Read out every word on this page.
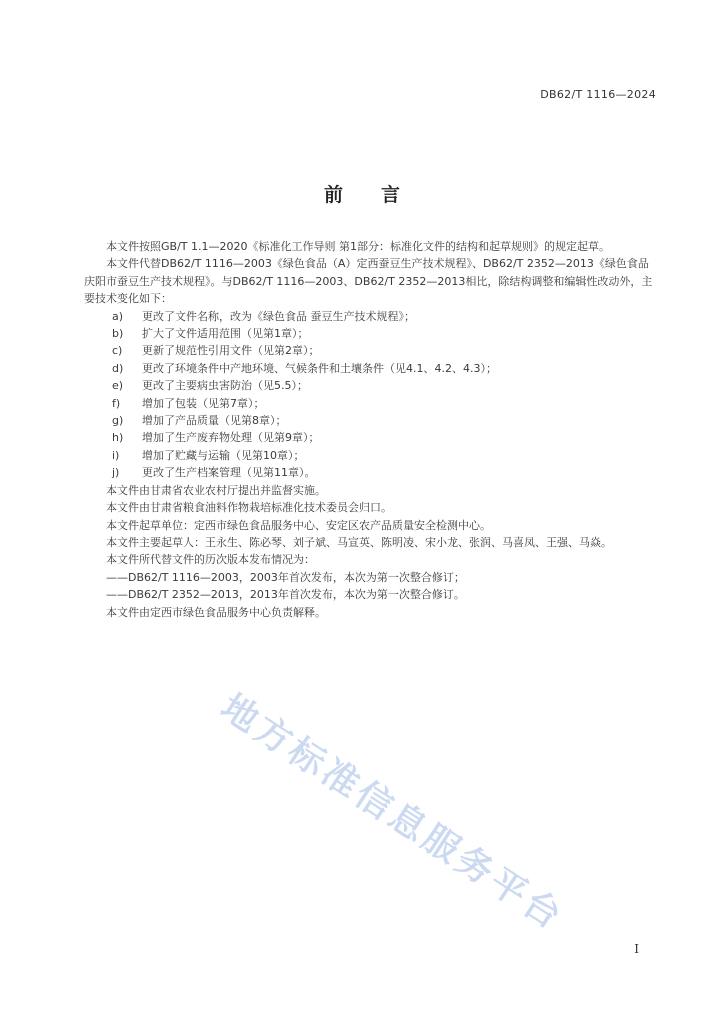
DB62/T 1116—2024
前言

本文件按照GB/T 1.1—2020《标准化工作导则 第1部分：标准化文件的结构和起草规则》的规定起草。

本文件代替DB62/T 1116—2003《绿色食品（A）定西蚕豆生产技术规程》、DB62/T 2352—2013《绿色食品 庆阳市蚕豆生产技术规程》。与DB62/T 1116—2003、DB62/T 2352—2013相比，除结构调整和编辑性改动外，主要技术变化如下：

a) 更改了文件名称，改为《绿色食品 蚕豆生产技术规程》；
b) 扩大了文件适用范围（见第1章）；
c) 更新了规范性引用文件（见第2章）；
d) 更改了环境条件中产地环境、气候条件和土壤条件（见4.1、4.2、4.3）；
e) 更改了主要病虫害防治（见5.5）；
f) 增加了包装（见第7章）；
g) 增加了产品质量（见第8章）；
h) 增加了生产废弃物处理（见第9章）；
i) 增加了贮藏与运输（见第10章）；
j) 更改了生产档案管理（见第11章）。

本文件由甘肃省农业农村厅提出并监督实施。

本文件由甘肃省粮食油料作物栽培标准化技术委员会归口。

本文件起草单位：定西市绿色食品服务中心、安定区农产品质量安全检测中心。

本文件主要起草人：王永生、陈必琴、刘子斌、马宣英、陈明凌、宋小龙、张润、马喜凤、王强、马焱。

本文件所代替文件的历次版本发布情况为：

——DB62/T 1116—2003，2003年首次发布，本次为第一次整合修订；

——DB62/T 2352—2013，2013年首次发布，本次为第一次整合修订。

本文件由定西市绿色食品服务中心负责解释。

地方标准信息服务平台
I
